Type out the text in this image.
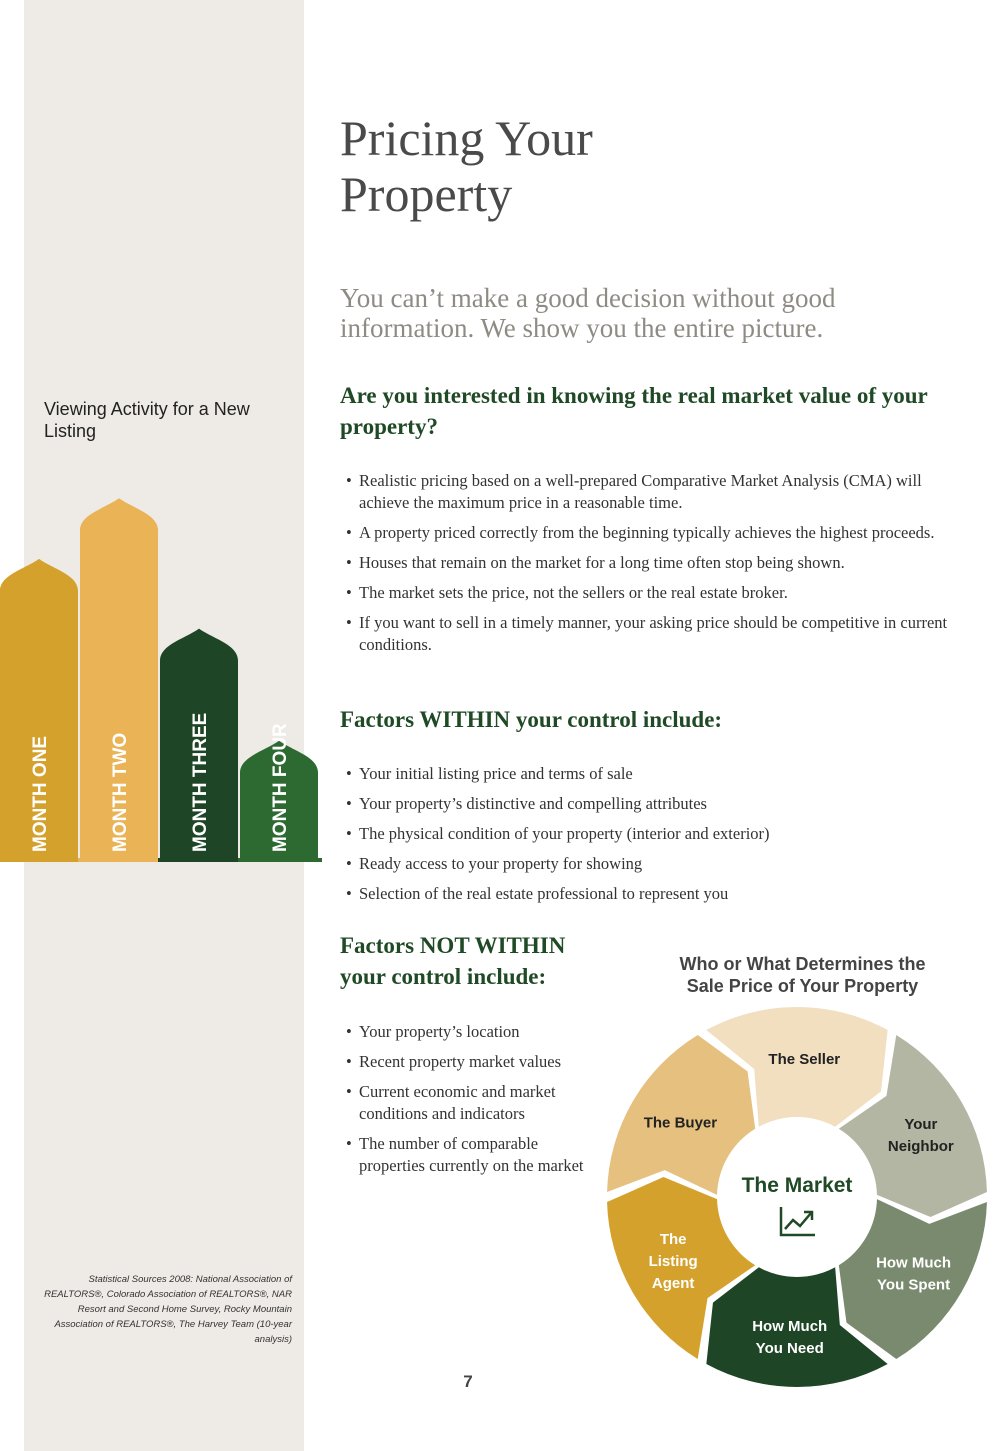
Viewing Activity for a New Listing
MONTH ONE	MONTH TWO	MONTH THREE	MONTH FOUR

Statistical Sources 2008: National Association of REALTORS®, Colorado Association of REALTORS®, NAR Resort and Second Home Survey, Rocky Mountain Association of REALTORS®, The Harvey Team (10-year analysis)

Pricing Your
Property

You can’t make a good decision without good information. We show you the entire picture.

Are you interested in knowing the real market value of your property?
• Realistic pricing based on a well-prepared Comparative Market Analysis (CMA) will achieve the maximum price in a reasonable time.
• A property priced correctly from the beginning typically achieves the highest proceeds.
• Houses that remain on the market for a long time often stop being shown.
• The market sets the price, not the sellers or the real estate broker.
• If you want to sell in a timely manner, your asking price should be competitive in current conditions.
Factors WITHIN your control include:
• Your initial listing price and terms of sale
• Your property’s distinctive and compelling attributes
• The physical condition of your property (interior and exterior)
• Ready access to your property for showing
• Selection of the real estate professional to represent you
Factors NOT WITHIN
your control include:
• Your property’s location
• Recent property market values
• Current economic and market conditions and indicators
• The number of comparable properties currently on the market
Who or What Determines the
Sale Price of Your Property
The Seller
Your
Neighbor
How Much
You Spent
How Much
You Need
The
Listing
Agent
The Buyer
The Market
7
